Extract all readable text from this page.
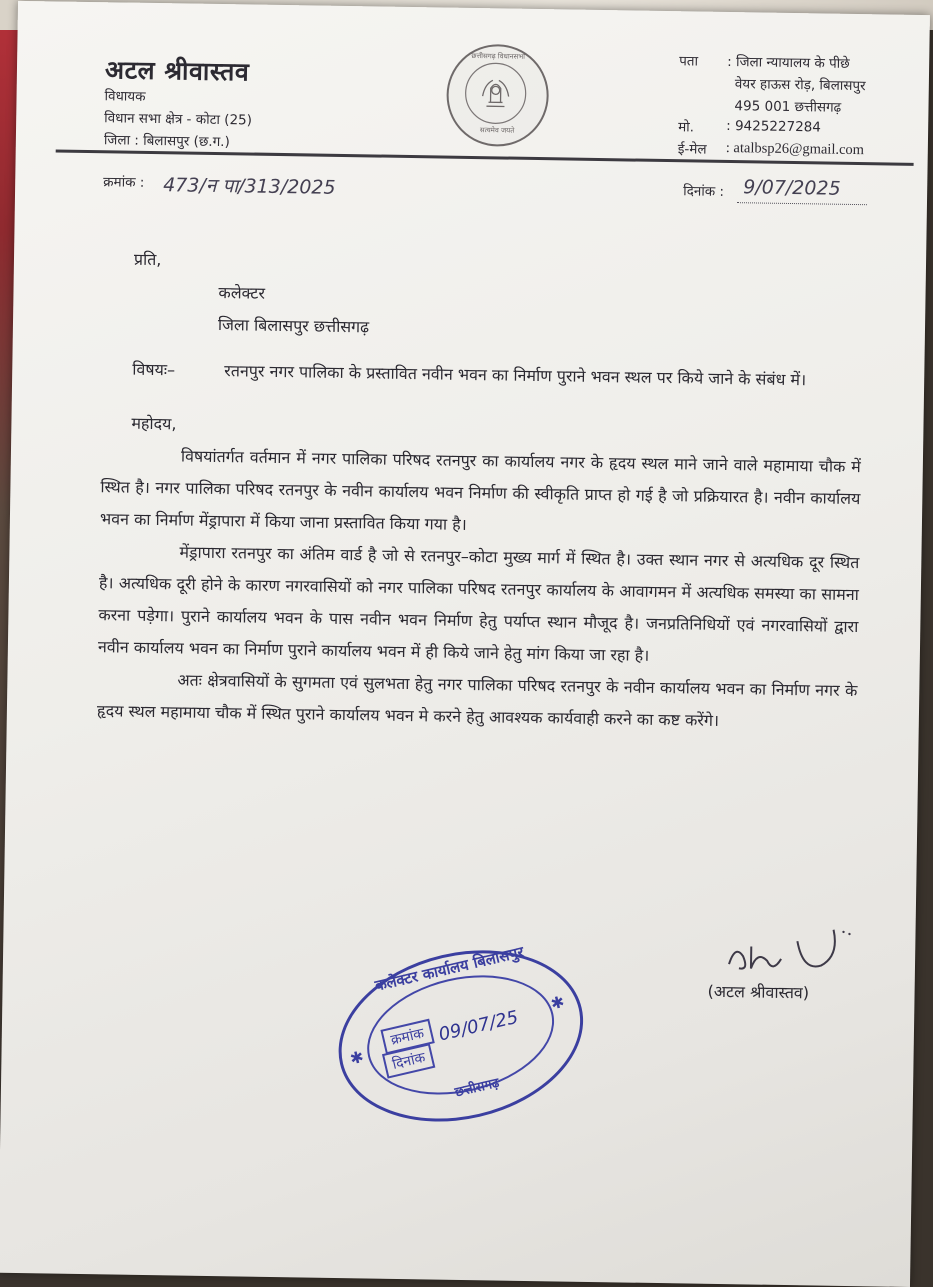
अटल श्रीवास्तव
विधायक
विधान सभा क्षेत्र - कोटा (25)
जिला : बिलासपुर (छ.ग.)
छत्तीसगढ़ विधानसभा
सत्यमेव जयते
पता : जिला न्यायालय के पीछे
वेयर हाऊस रोड़, बिलासपुर
495 001 छत्तीसगढ़
मो. : 9425227284
ई-मेल : atalbsp26@gmail.com
क्रमांक : 473/न पा/313/2025	दिनांक : 9/07/2025
प्रति,
कलेक्टर
जिला बिलासपुर छत्तीसगढ़
विषयः–	रतनपुर नगर पालिका के प्रस्तावित नवीन भवन का निर्माण पुराने भवन स्थल पर किये जाने के संबंध में।
महोदय,

विषयांतर्गत वर्तमान में नगर पालिका परिषद रतनपुर का कार्यालय नगर के हृदय स्थल माने जाने वाले महामाया चौक में स्थित है। नगर पालिका परिषद रतनपुर के नवीन कार्यालय भवन निर्माण की स्वीकृति प्राप्त हो गई है जो प्रक्रियारत है। नवीन कार्यालय भवन का निर्माण मेंड्रापारा में किया जाना प्रस्तावित किया गया है।

मेंड्रापारा रतनपुर का अंतिम वार्ड है जो से रतनपुर–कोटा मुख्य मार्ग में स्थित है। उक्त स्थान नगर से अत्यधिक दूर स्थित है। अत्यधिक दूरी होने के कारण नगरवासियों को नगर पालिका परिषद रतनपुर कार्यालय के आवागमन में अत्यधिक समस्या का सामना करना पड़ेगा। पुराने कार्यालय भवन के पास नवीन भवन निर्माण हेतु पर्याप्त स्थान मौजूद है। जनप्रतिनिधियों एवं नगरवासियों द्वारा नवीन कार्यालय भवन का निर्माण पुराने कार्यालय भवन में ही किये जाने हेतु मांग किया जा रहा है।

अतः क्षेत्रवासियों के सुगमता एवं सुलभता हेतु नगर पालिका परिषद रतनपुर के नवीन कार्यालय भवन का निर्माण नगर के हृदय स्थल महामाया चौक में स्थित पुराने कार्यालय भवन मे करने हेतु आवश्यक कार्यवाही करने का कष्ट करेंगे।

(अटल श्रीवास्तव)
कलेक्टर कार्यालय बिलासपुर
क्रमांक
दिनांक
09/07/25
छत्तीसगढ़
✱
✱
